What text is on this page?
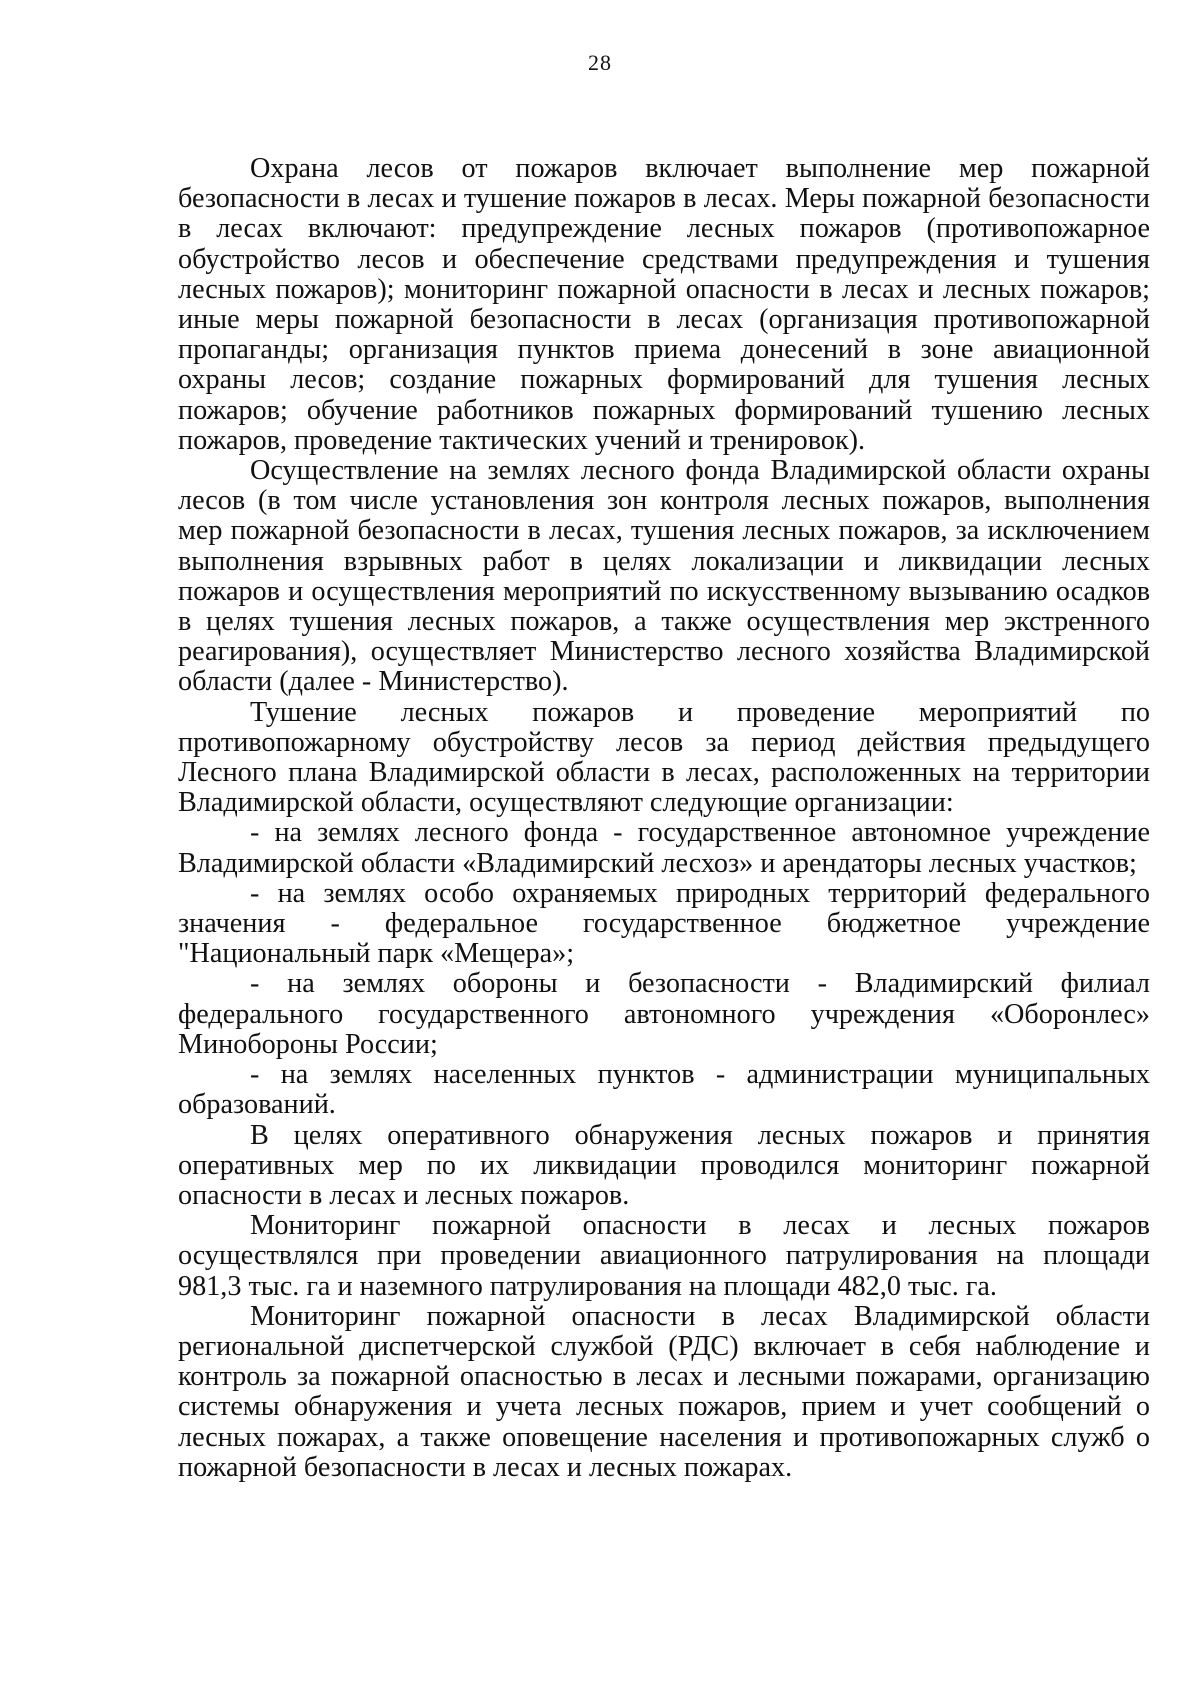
28
Охрана лесов от пожаров включает выполнение мер пожарной
безопасности в лесах и тушение пожаров в лесах. Меры пожарной безопасности
в лесах включают: предупреждение лесных пожаров (противопожарное
обустройство лесов и обеспечение средствами предупреждения и тушения
лесных пожаров); мониторинг пожарной опасности в лесах и лесных пожаров;
иные меры пожарной безопасности в лесах (организация противопожарной
пропаганды; организация пунктов приема донесений в зоне авиационной
охраны лесов; создание пожарных формирований для тушения лесных
пожаров; обучение работников пожарных формирований тушению лесных
пожаров, проведение тактических учений и тренировок).
Осуществление на землях лесного фонда Владимирской области охраны
лесов (в том числе установления зон контроля лесных пожаров, выполнения
мер пожарной безопасности в лесах, тушения лесных пожаров, за исключением
выполнения взрывных работ в целях локализации и ликвидации лесных
пожаров и осуществления мероприятий по искусственному вызыванию осадков
в целях тушения лесных пожаров, а также осуществления мер экстренного
реагирования), осуществляет Министерство лесного хозяйства Владимирской
области (далее - Министерство).
Тушение лесных пожаров и проведение мероприятий по
противопожарному обустройству лесов за период действия предыдущего
Лесного плана Владимирской области в лесах, расположенных на территории
Владимирской области, осуществляют следующие организации:
- на землях лесного фонда - государственное автономное учреждение
Владимирской области «Владимирский лесхоз» и арендаторы лесных участков;
- на землях особо охраняемых природных территорий федерального
значения - федеральное государственное бюджетное учреждение
"Национальный парк «Мещера»;
- на землях обороны и безопасности - Владимирский филиал
федерального государственного автономного учреждения «Оборонлес»
Минобороны России;
- на землях населенных пунктов - администрации муниципальных
образований.
В целях оперативного обнаружения лесных пожаров и принятия
оперативных мер по их ликвидации проводился мониторинг пожарной
опасности в лесах и лесных пожаров.
Мониторинг пожарной опасности в лесах и лесных пожаров
осуществлялся при проведении авиационного патрулирования на площади
981,3 тыс. га и наземного патрулирования на площади 482,0 тыс. га.
Мониторинг пожарной опасности в лесах Владимирской области
региональной диспетчерской службой (РДС) включает в себя наблюдение и
контроль за пожарной опасностью в лесах и лесными пожарами, организацию
системы обнаружения и учета лесных пожаров, прием и учет сообщений о
лесных пожарах, а также оповещение населения и противопожарных служб о
пожарной безопасности в лесах и лесных пожарах.
